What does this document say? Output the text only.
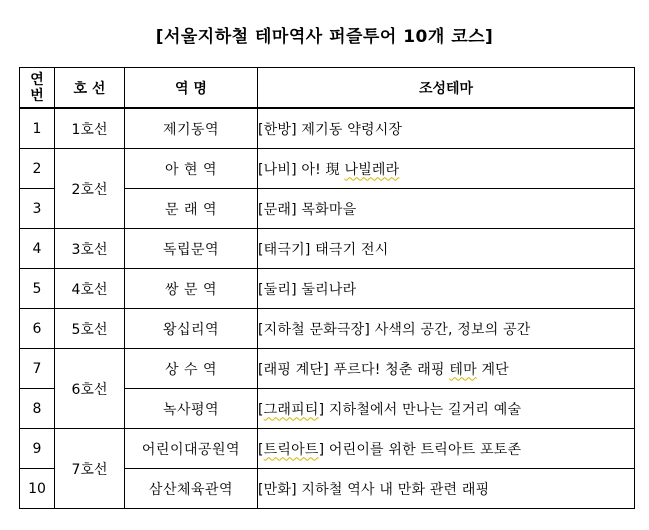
[서울지하철 테마역사 퍼즐투어 10개 코스]
연
번	호 선	역 명	조성테마
1	1호선	제기동역	[한방] 제기동 약령시장
2	2호선	아 현 역	[나비] 아! 現 나빌레라
3		문 래 역	[문래] 목화마을
4	3호선	독립문역	[태극기] 태극기 전시
5	4호선	쌍 문 역	[둘리] 둘리나라
6	5호선	왕십리역	[지하철 문화극장] 사색의 공간, 정보의 공간
7	6호선	상 수 역	[래핑 계단] 푸르다! 청춘 래핑 테마 계단
8		녹사평역	[그래피티] 지하철에서 만나는 길거리 예술
9	7호선	어린이대공원역	[트릭아트] 어린이를 위한 트릭아트 포토존
10		삼산체육관역	[만화] 지하철 역사 내 만화 관련 래핑
